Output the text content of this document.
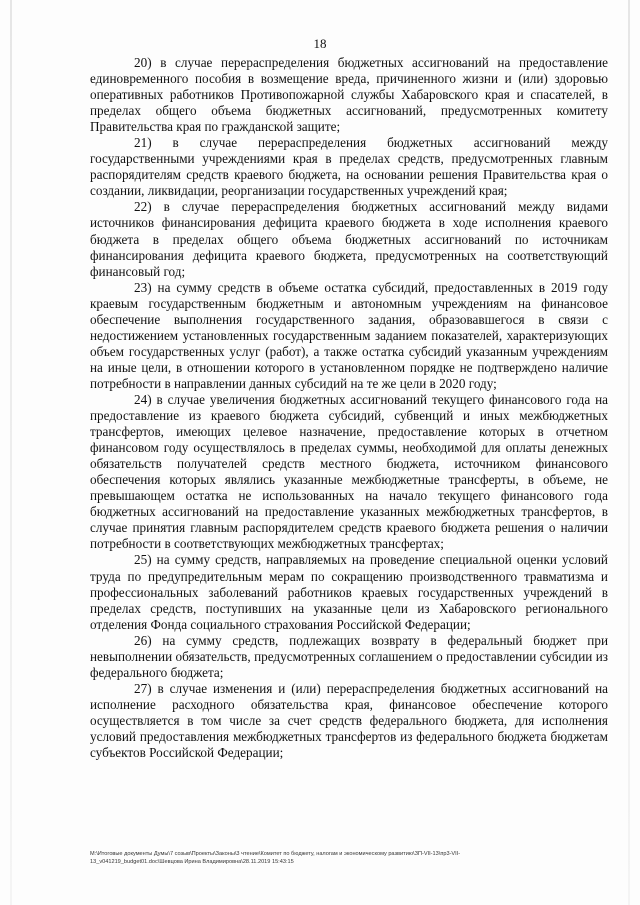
18

20) в случае перераспределения бюджетных ассигнований на предоставление единовременного пособия в возмещение вреда, причиненного жизни и (или) здоровью оперативных работников Противопожарной службы Хабаровского края и спасателей, в пределах общего объема бюджетных ассигнований, предусмотренных комитету Правительства края по гражданской защите;

21) в случае перераспределения бюджетных ассигнований между государственными учреждениями края в пределах средств, предусмотренных главным распорядителям средств краевого бюджета, на основании решения Правительства края о создании, ликвидации, реорганизации государственных учреждений края;

22) в случае перераспределения бюджетных ассигнований между видами источников финансирования дефицита краевого бюджета в ходе исполнения краевого бюджета в пределах общего объема бюджетных ассигнований по источникам финансирования дефицита краевого бюджета, предусмотренных на соответствующий финансовый год;

23) на сумму средств в объеме остатка субсидий, предоставленных в 2019 году краевым государственным бюджетным и автономным учреждениям на финансовое обеспечение выполнения государственного задания, образовавшегося в связи с недостижением установленных государственным заданием показателей, характеризующих объем государственных услуг (работ), а также остатка субсидий указанным учреждениям на иные цели, в отношении которого в установленном порядке не подтверждено наличие потребности в направлении данных субсидий на те же цели в 2020 году;

24) в случае увеличения бюджетных ассигнований текущего финансового года на предоставление из краевого бюджета субсидий, субвенций и иных межбюджетных трансфертов, имеющих целевое назначение, предоставление которых в отчетном финансовом году осуществлялось в пределах суммы, необходимой для оплаты денежных обязательств получателей средств местного бюджета, источником финансового обеспечения которых являлись указанные межбюджетные трансферты, в объеме, не превышающем остатка не использованных на начало текущего финансового года бюджетных ассигнований на предоставление указанных межбюджетных трансфертов, в случае принятия главным распорядителем средств краевого бюджета решения о наличии потребности в соответствующих межбюджетных трансфертах;

25) на сумму средств, направляемых на проведение специальной оценки условий труда по предупредительным мерам по сокращению производственного травматизма и профессиональных заболеваний работников краевых государственных учреждений в пределах средств, поступивших на указанные цели из Хабаровского регионального отделения Фонда социального страхования Российской Федерации;

26) на сумму средств, подлежащих возврату в федеральный бюджет при невыполнении обязательств, предусмотренных соглашением о предоставлении субсидии из федерального бюджета;

27) в случае изменения и (или) перераспределения бюджетных ассигнований на исполнение расходного обязательства края, финансовое обеспечение которого осуществляется в том числе за счет средств федерального бюджета, для исполнения условий предоставления межбюджетных трансфертов из федерального бюджета бюджетам субъектов Российской Федерации;

M:\Итоговые документы Думы\7 созыв\Проекты\Законы\3 чтение\Комитет по бюджету, налогам и экономическому развитию\ЗП-VII-13\пр3-VII-
13_v041219_budget01.doc\Шевцова Ирина Владимировна\28.11.2019 15:43:15
